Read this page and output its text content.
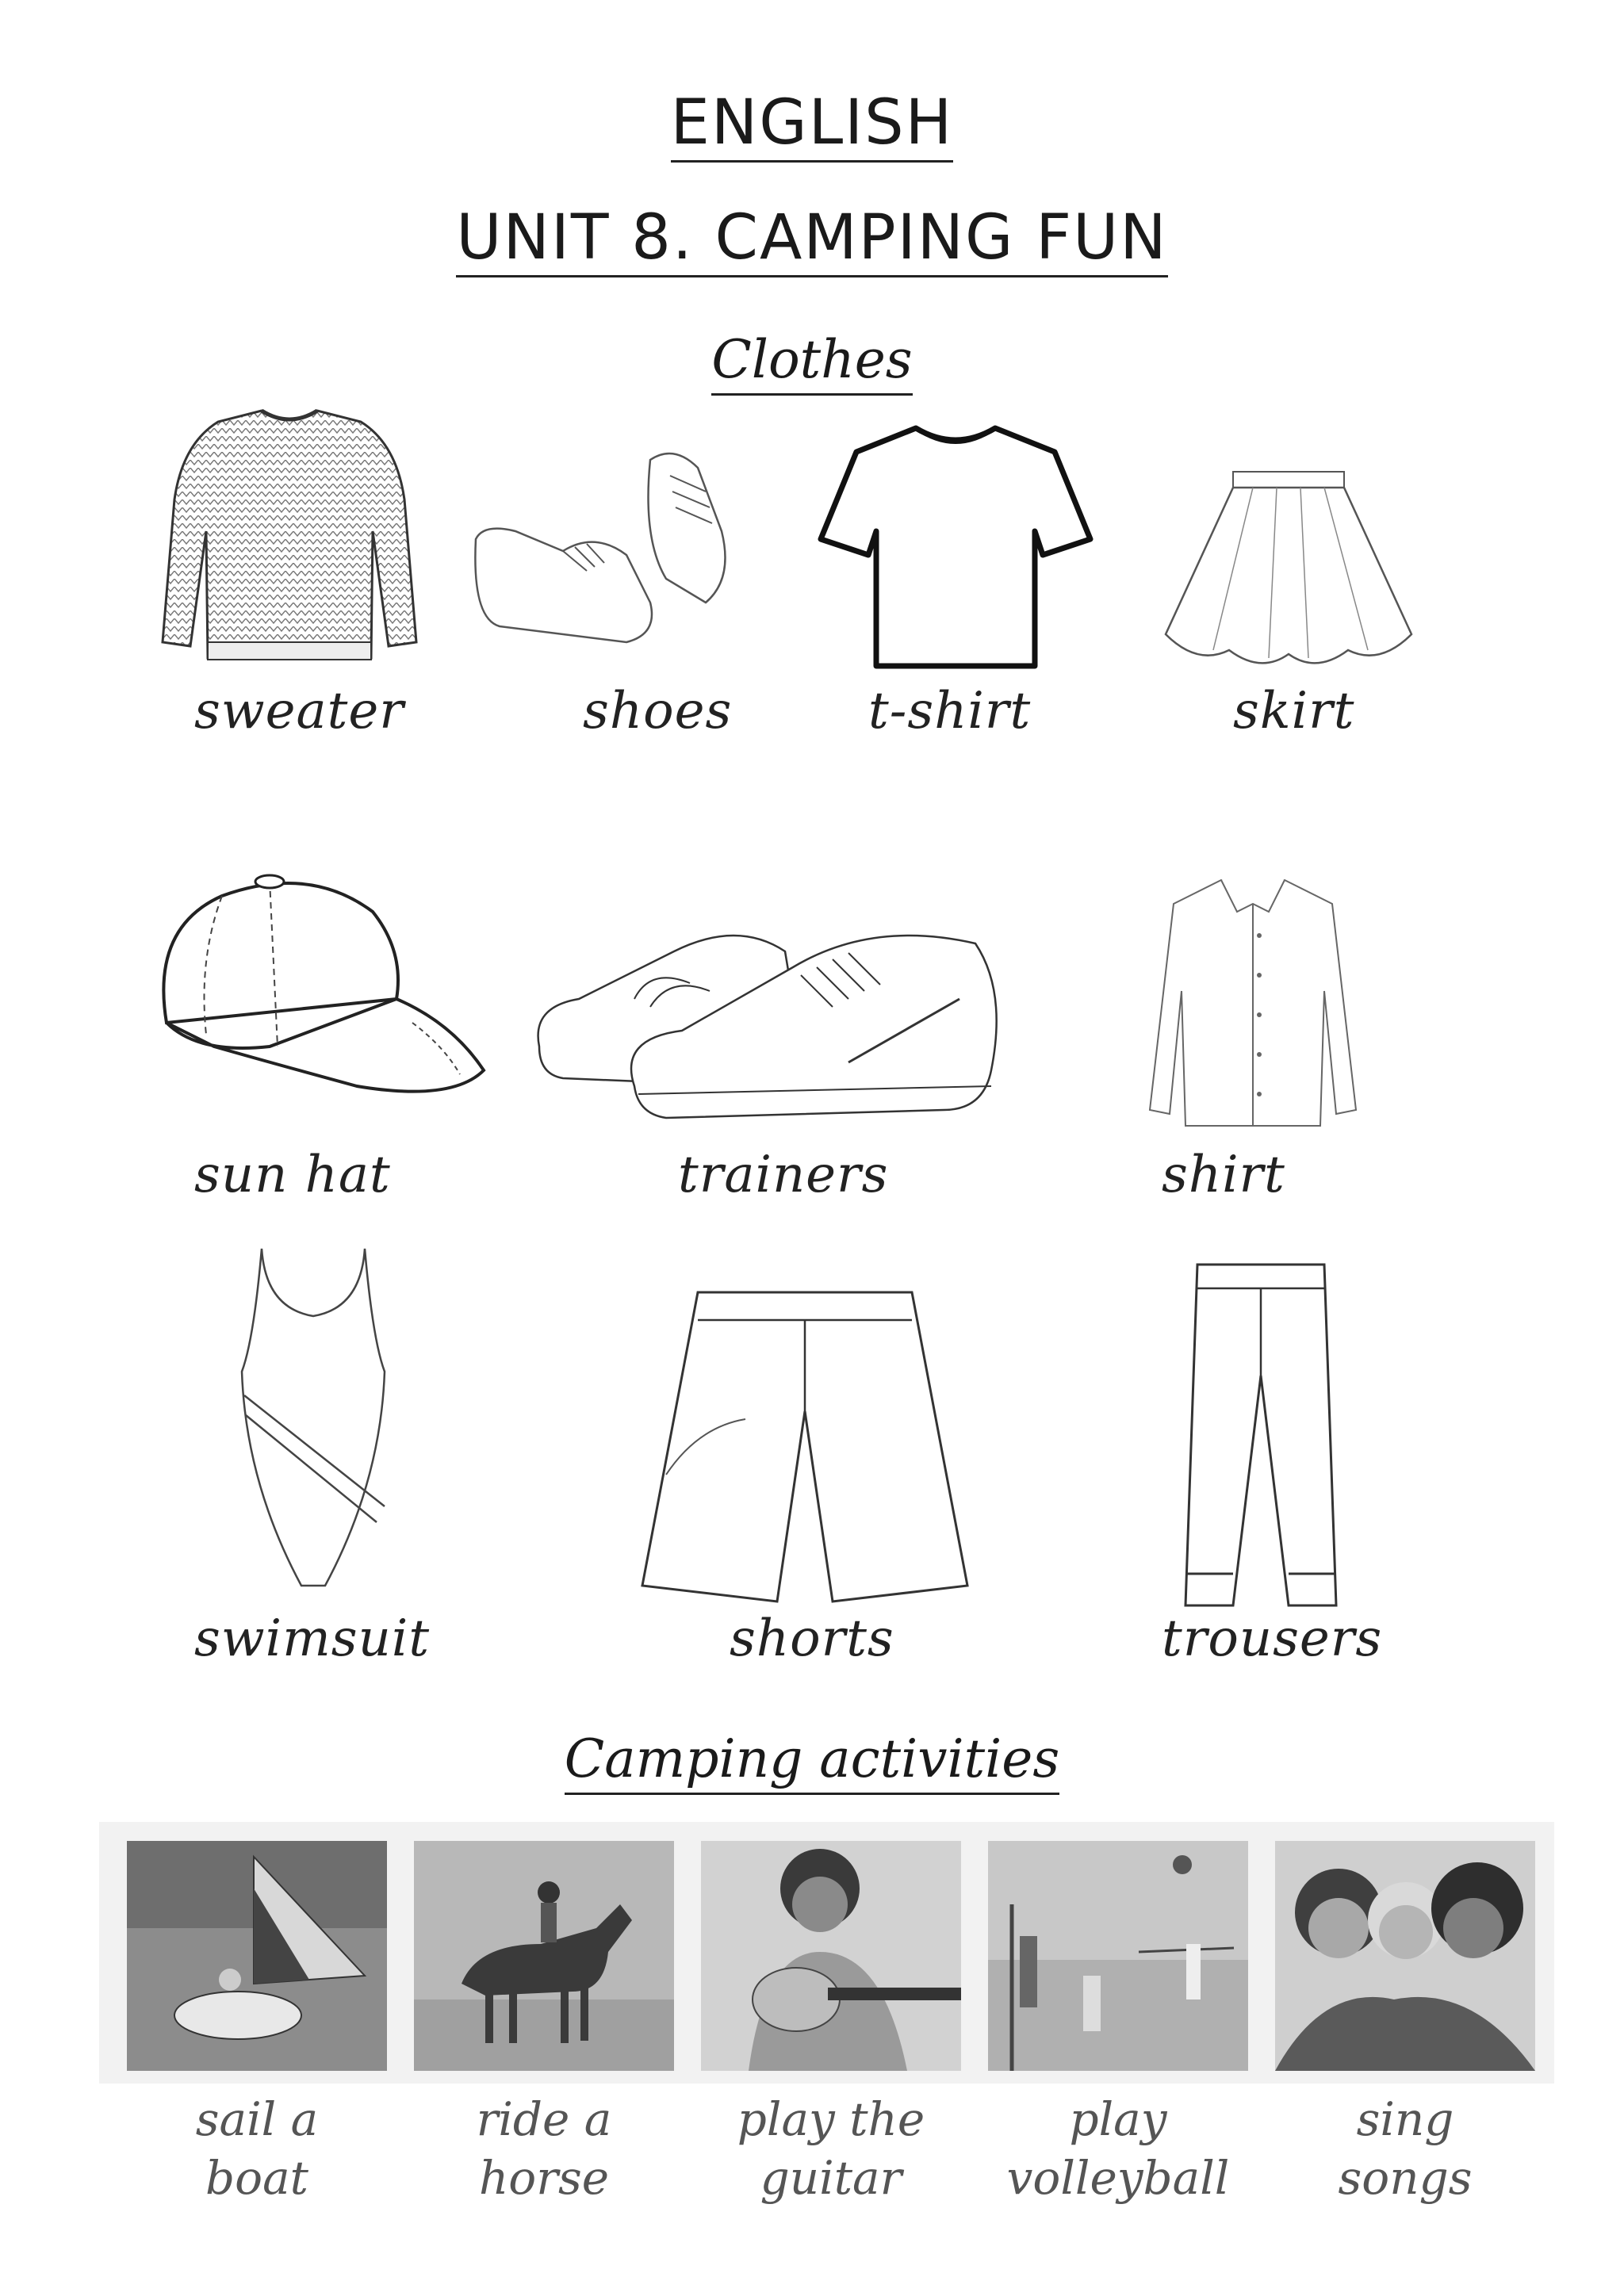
ENGLISH
UNIT 8. CAMPING FUN
Clothes
sweater	shoes	t-shirt	skirt
sun hat	trainers	shirt
swimsuit	shorts	trousers
Camping activities
sail a
boat
ride a
horse
play the
guitar
play
volleyball
sing
songs
